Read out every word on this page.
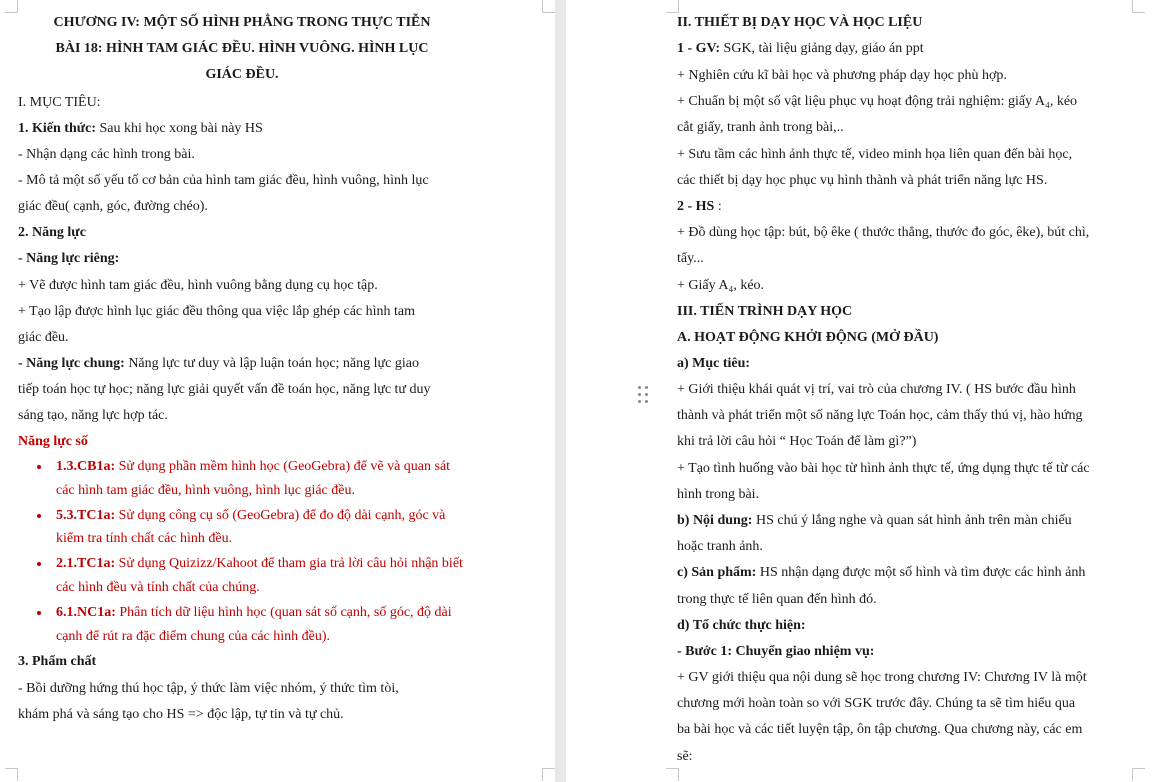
CHƯƠNG IV: MỘT SỐ HÌNH PHẲNG TRONG THỰC TIỄN
BÀI 18: HÌNH TAM GIÁC ĐỀU. HÌNH VUÔNG. HÌNH LỤC
GIÁC ĐỀU.
I. MỤC TIÊU:
1. Kiến thức: Sau khi học xong bài này HS
- Nhận dạng các hình trong bài.
- Mô tả một số yếu tố cơ bản của hình tam giác đều, hình vuông, hình lục
giác đều( cạnh, góc, đường chéo).
2. Năng lực
- Năng lực riêng:
+ Vẽ được hình tam giác đều, hình vuông bằng dụng cụ học tập.
+ Tạo lập được hình lục giác đều thông qua việc lắp ghép các hình tam
giác đều.
- Năng lực chung: Năng lực tư duy và lập luận toán học; năng lực giao
tiếp toán học tự học; năng lực giải quyết vấn đề toán học, năng lực tư duy
sáng tạo, năng lực hợp tác.
Năng lực số
1.3.CB1a: Sử dụng phần mềm hình học (GeoGebra) để vẽ và quan sát
các hình tam giác đều, hình vuông, hình lục giác đều.
5.3.TC1a: Sử dụng công cụ số (GeoGebra) để đo độ dài cạnh, góc và
kiểm tra tính chất các hình đều.
2.1.TC1a: Sử dụng Quizizz/Kahoot để tham gia trả lời câu hỏi nhận biết
các hình đều và tính chất của chúng.
6.1.NC1a: Phân tích dữ liệu hình học (quan sát số cạnh, số góc, độ dài
cạnh để rút ra đặc điểm chung của các hình đều).
3. Phẩm chất
- Bồi dưỡng hứng thú học tập, ý thức làm việc nhóm, ý thức tìm tòi,
khám phá và sáng tạo cho HS => độc lập, tự tin và tự chủ.
II. THIẾT BỊ DẠY HỌC VÀ HỌC LIỆU
1 - GV: SGK, tài liệu giảng dạy, giáo án ppt
+ Nghiên cứu kĩ bài học và phương pháp dạy học phù hợp.
+ Chuẩn bị một số vật liệu phục vụ hoạt động trải nghiệm: giấy A₄, kéo
cắt giấy, tranh ảnh trong bài,..
+ Sưu tầm các hình ảnh thực tế, video minh họa liên quan đến bài học,
các thiết bị dạy học phục vụ hình thành và phát triển năng lực HS.
2 - HS :
+ Đồ dùng học tập: bút, bộ êke ( thước thẳng, thước đo góc, êke), bút chì,
tẩy...
+ Giấy A₄, kéo.
III. TIẾN TRÌNH DẠY HỌC
A. HOẠT ĐỘNG KHỞI ĐỘNG (MỞ ĐẦU)
a) Mục tiêu:
+ Giới thiệu khái quát vị trí, vai trò của chương IV. ( HS bước đầu hình
thành và phát triển một số năng lực Toán học, cảm thấy thú vị, hào hứng
khi trả lời câu hỏi “ Học Toán để làm gì?”)
+ Tạo tình huống vào bài học từ hình ảnh thực tế, ứng dụng thực tế từ các
hình trong bài.
b) Nội dung: HS chú ý lắng nghe và quan sát hình ảnh trên màn chiếu
hoặc tranh ảnh.
c) Sản phẩm: HS nhận dạng được một số hình và tìm được các hình ảnh
trong thực tế liên quan đến hình đó.
d) Tổ chức thực hiện:
- Bước 1: Chuyển giao nhiệm vụ:
+ GV giới thiệu qua nội dung sẽ học trong chương IV: Chương IV là một
chương mới hoàn toàn so với SGK trước đây. Chúng ta sẽ tìm hiểu qua
ba bài học và các tiết luyện tập, ôn tập chương. Qua chương này, các em
sẽ:
